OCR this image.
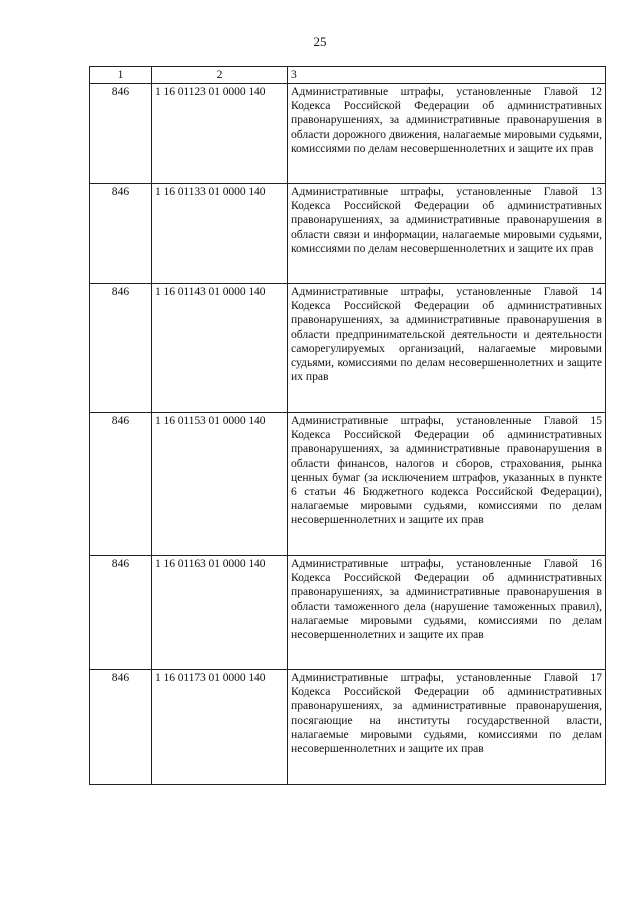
25
1	2	3
846	1 16 01123 01 0000 140	Административные штрафы, установленные Главой 12 Кодекса Российской Федерации об административных правонарушениях, за административные правонарушения в области дорожного движения, налагаемые мировыми судьями, комиссиями по делам несовершеннолетних и защите их прав
846	1 16 01133 01 0000 140	Административные штрафы, установленные Главой 13 Кодекса Российской Федерации об административных правонарушениях, за административные правонарушения в области связи и информации, налагаемые мировыми судьями, комиссиями по делам несовершеннолетних и защите их прав
846	1 16 01143 01 0000 140	Административные штрафы, установленные Главой 14 Кодекса Российской Федерации об административных правонарушениях, за административные правонарушения в области предпринимательской деятельности и деятельности саморегулируемых организаций, налагаемые мировыми судьями, комиссиями по делам несовершеннолетних и защите их прав
846	1 16 01153 01 0000 140	Административные штрафы, установленные Главой 15 Кодекса Российской Федерации об административных правонарушениях, за административные правонарушения в области финансов, налогов и сборов, страхования, рынка ценных бумаг (за исключением штрафов, указанных в пункте 6 статьи 46 Бюджетного кодекса Российской Федерации), налагаемые мировыми судьями, комиссиями по делам несовершеннолетних и защите их прав
846	1 16 01163 01 0000 140	Административные штрафы, установленные Главой 16 Кодекса Российской Федерации об административных правонарушениях, за административные правонарушения в области таможенного дела (нарушение таможенных правил), налагаемые мировыми судьями, комиссиями по делам несовершеннолетних и защите их прав
846	1 16 01173 01 0000 140	Административные штрафы, установленные Главой 17 Кодекса Российской Федерации об административных правонарушениях, за административные правонарушения, посягающие на институты государственной власти, налагаемые мировыми судьями, комиссиями по делам несовершеннолетних и защите их прав
